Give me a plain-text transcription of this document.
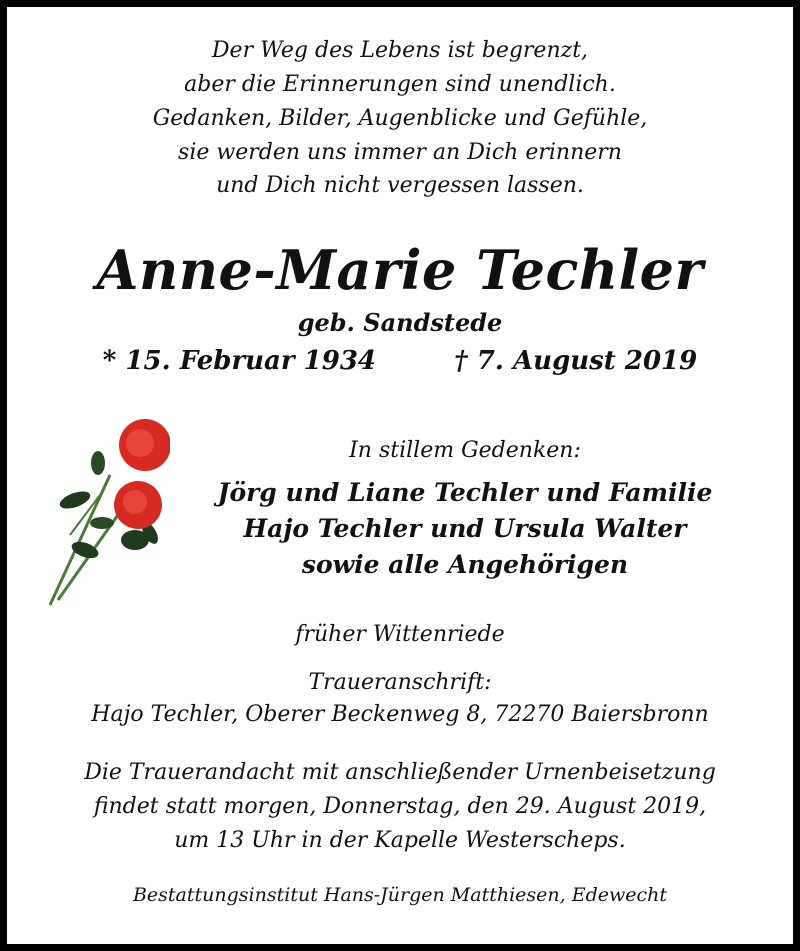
Der Weg des Lebens ist begrenzt,
aber die Erinnerungen sind unendlich.
Gedanken, Bilder, Augenblicke und Gefühle,
sie werden uns immer an Dich erinnern
und Dich nicht vergessen lassen.
Anne-Marie Techler
geb. Sandstede
* 15. Februar 1934	† 7. August 2019
In stillem Gedenken:
Jörg und Liane Techler und Familie
Hajo Techler und Ursula Walter
sowie alle Angehörigen
früher Wittenriede
Traueranschrift:
Hajo Techler, Oberer Beckenweg 8, 72270 Baiersbronn
Die Trauerandacht mit anschließender Urnenbeisetzung
findet statt morgen, Donnerstag, den 29. August 2019,
um 13 Uhr in der Kapelle Westerscheps.
Bestattungsinstitut Hans-Jürgen Matthiesen, Edewecht
